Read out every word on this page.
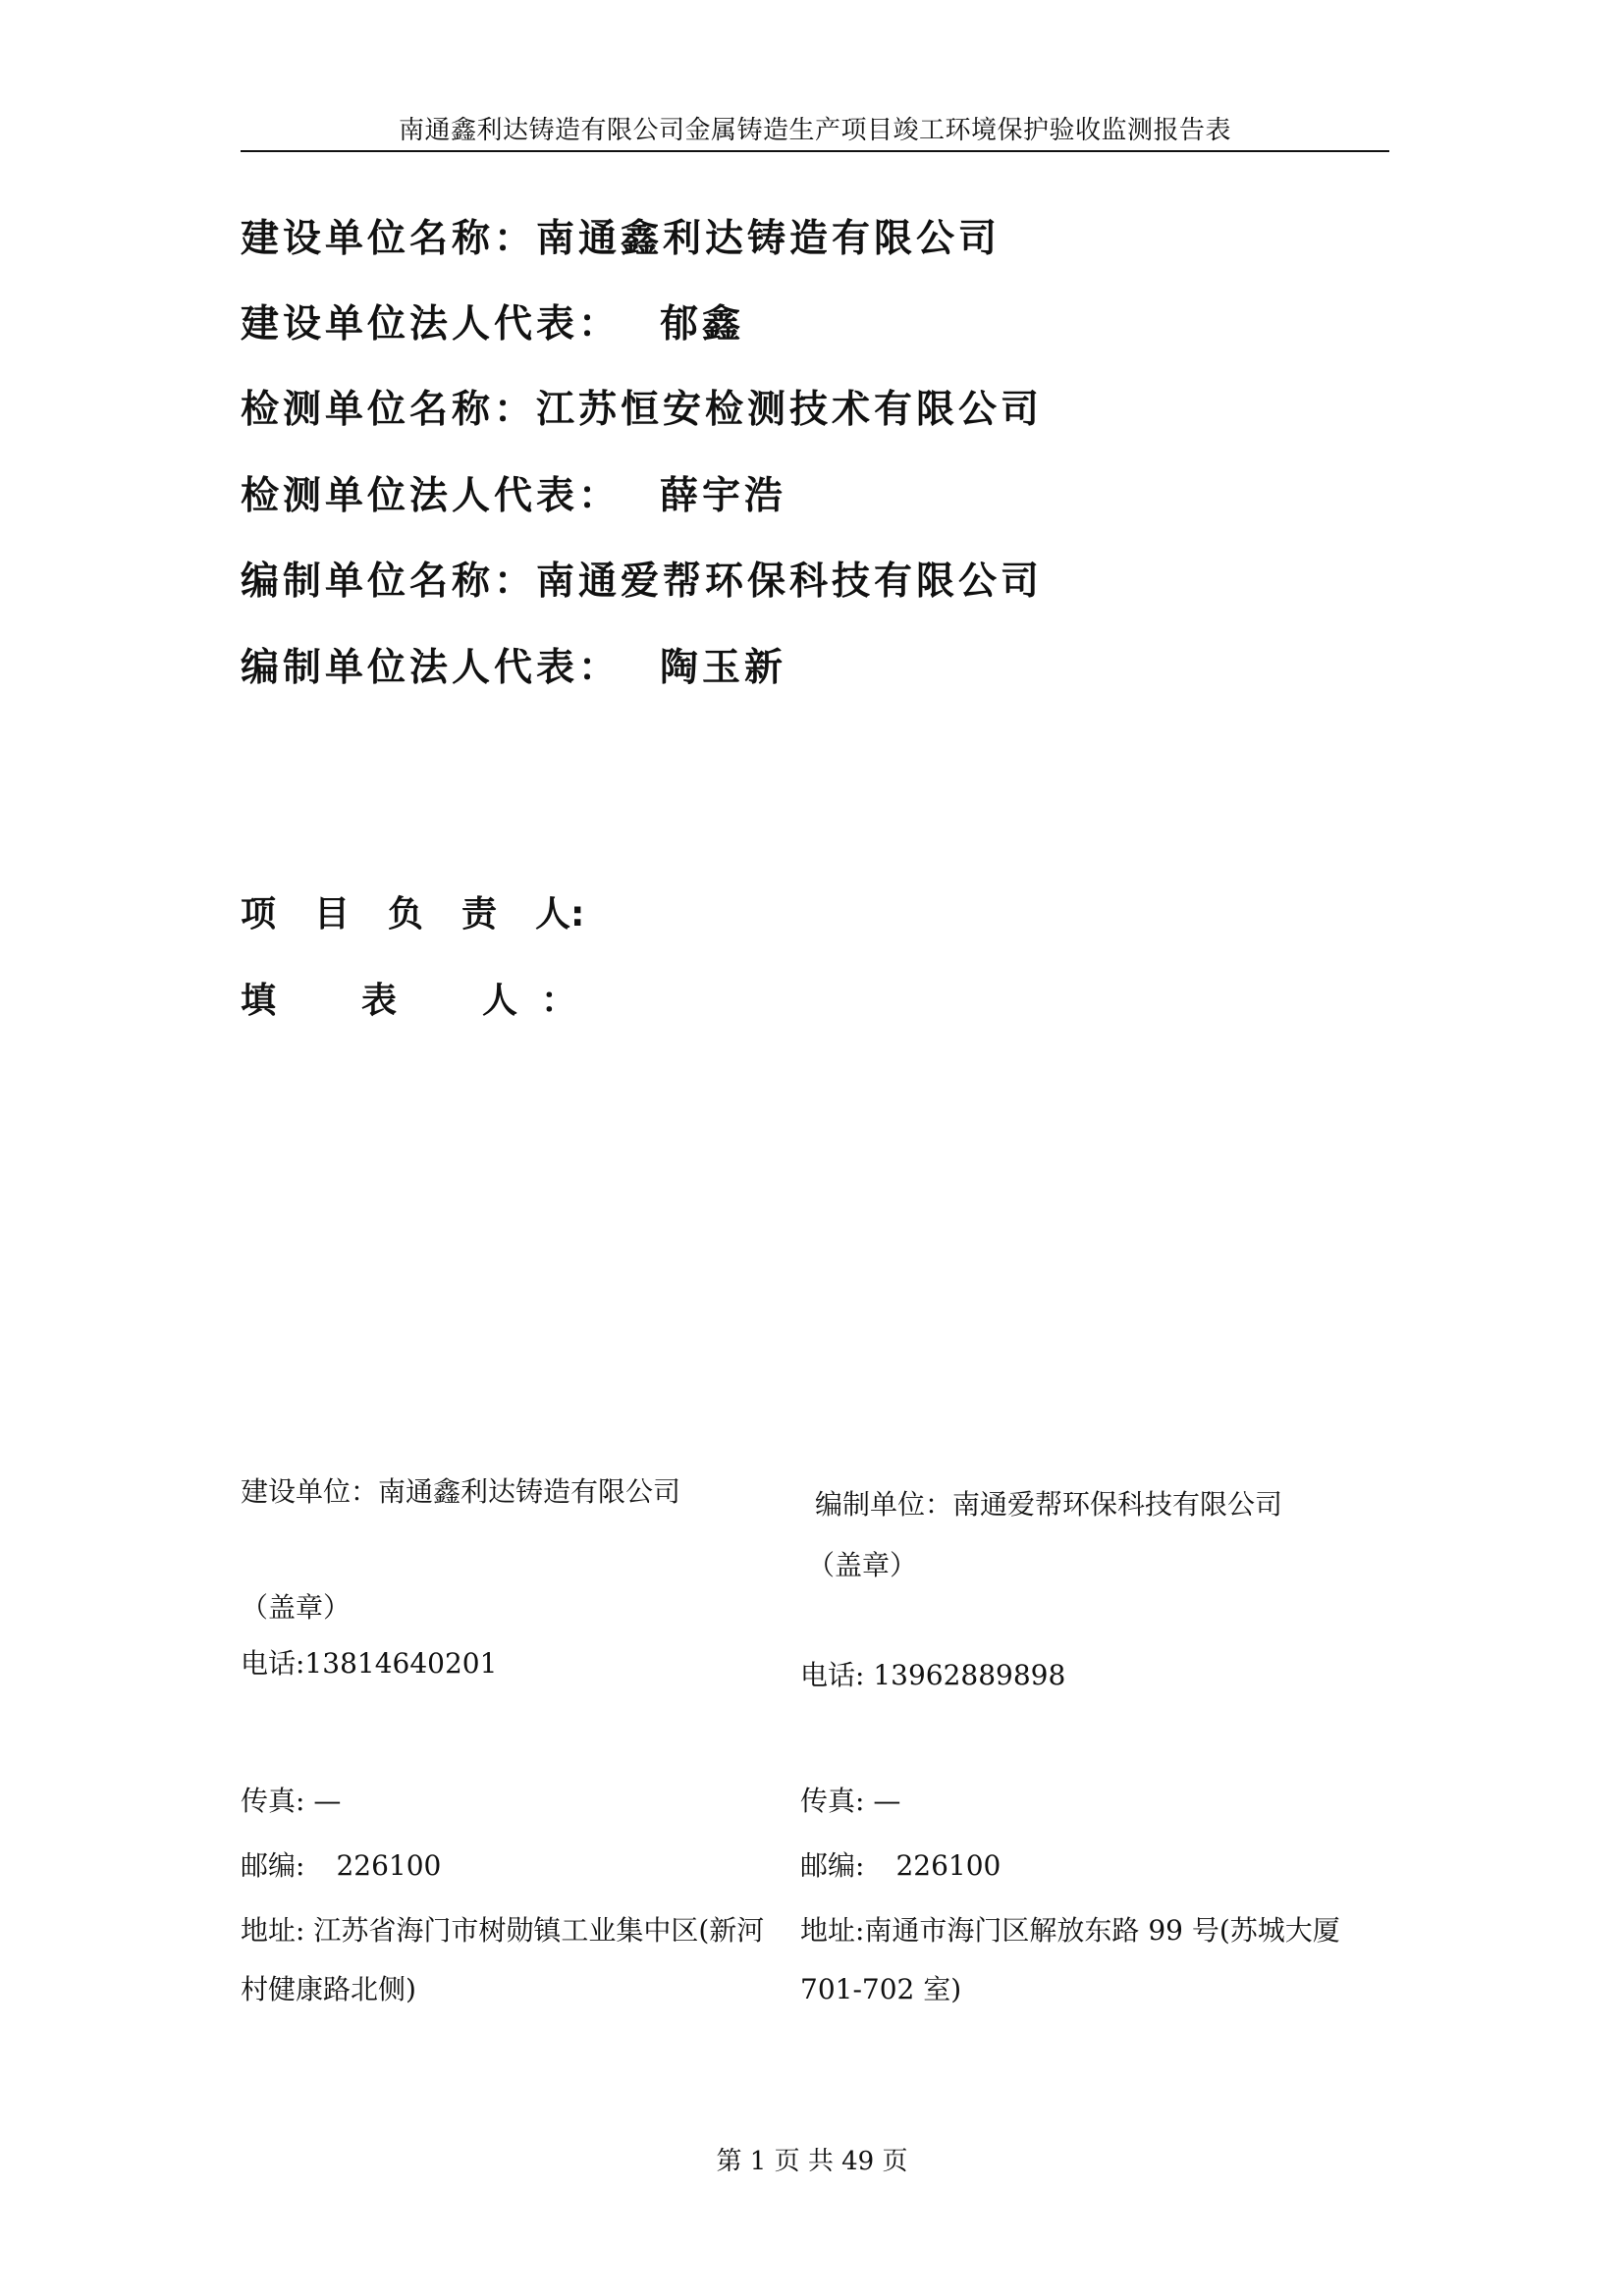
南通鑫利达铸造有限公司金属铸造生产项目竣工环境保护验收监测报告表
建设单位名称：南通鑫利达铸造有限公司
建设单位法人代表： 郁鑫
检测单位名称：江苏恒安检测技术有限公司
检测单位法人代表： 薛宇浩
编制单位名称：南通爱帮环保科技有限公司
编制单位法人代表： 陶玉新
项 目 负 责 人:
填 表 人 ：
建设单位：南通鑫利达铸造有限公司
（盖章）
电话:13814640201
传真: —
邮编: 226100
地址: 江苏省海门市树勋镇工业集中区(新河村健康路北侧)
编制单位：南通爱帮环保科技有限公司
（盖章）
电话: 13962889898
传真: —
邮编: 226100
地址:南通市海门区解放东路 99 号(苏城大厦 701-702 室)
第 1 页 共 49 页
